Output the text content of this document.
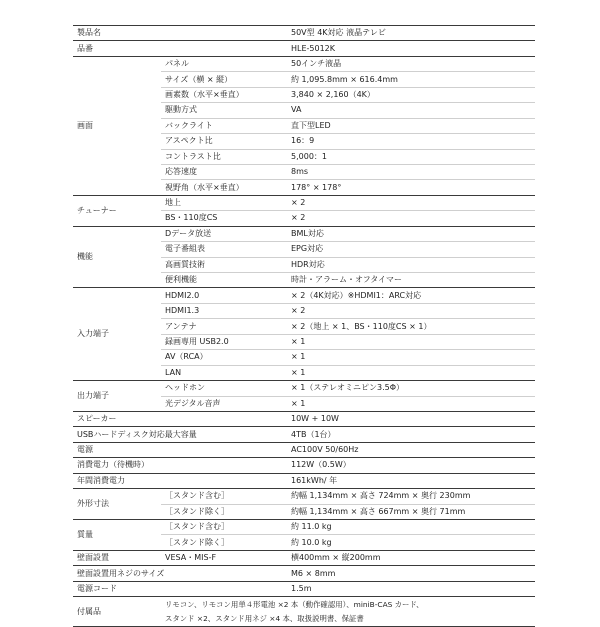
製品名		50V型 4K対応 液晶テレビ
品番		HLE-5012K
画面	パネル	50インチ液晶
	サイズ（横 × 縦）	約 1,095.8mm × 616.4mm
	画素数（水平×垂直）	3,840 × 2,160（4K）
	駆動方式	VA
	バックライト	直下型LED
	アスペクト比	16：9
	コントラスト比	5,000：1
	応答速度	8ms
	視野角（水平×垂直）	178° × 178°
チューナー	地上	× 2
	BS・110度CS	× 2
機能	Dデータ放送	BML対応
	電子番組表	EPG対応
	高画質技術	HDR対応
	便利機能	時計・アラーム・オフタイマー
入力端子	HDMI2.0	× 2（4K対応）※HDMI1：ARC対応
	HDMI1.3	× 2
	アンテナ	× 2（地上 × 1、BS・110度CS × 1）
	録画専用 USB2.0	× 1
	AV（RCA）	× 1
	LAN	× 1
出力端子	ヘッドホン	× 1（ステレオミニピン3.5Φ）
	光デジタル音声	× 1
スピーカー		10W + 10W
USBハードディスク対応最大容量		4TB（1台）
電源		AC100V 50/60Hz
消費電力（待機時）		112W（0.5W）
年間消費電力		161kWh/ 年
外形寸法	［スタンド含む］	約幅 1,134mm × 高さ 724mm × 奥行 230mm
	［スタンド除く］	約幅 1,134mm × 高さ 667mm × 奥行 71mm
質量	［スタンド含む］	約 11.0 kg
	［スタンド除く］	約 10.0 kg
壁面設置	VESA・MIS-F	横400mm × 縦200mm
壁面設置用ネジのサイズ		M6 × 8mm
電源コード		1.5m
付属品	リモコン、リモコン用単４形電池 ×2 本（動作確認用）、miniB-CAS カード、	
	スタンド ×2、スタンド用ネジ ×4 本、取扱説明書、保証書	
